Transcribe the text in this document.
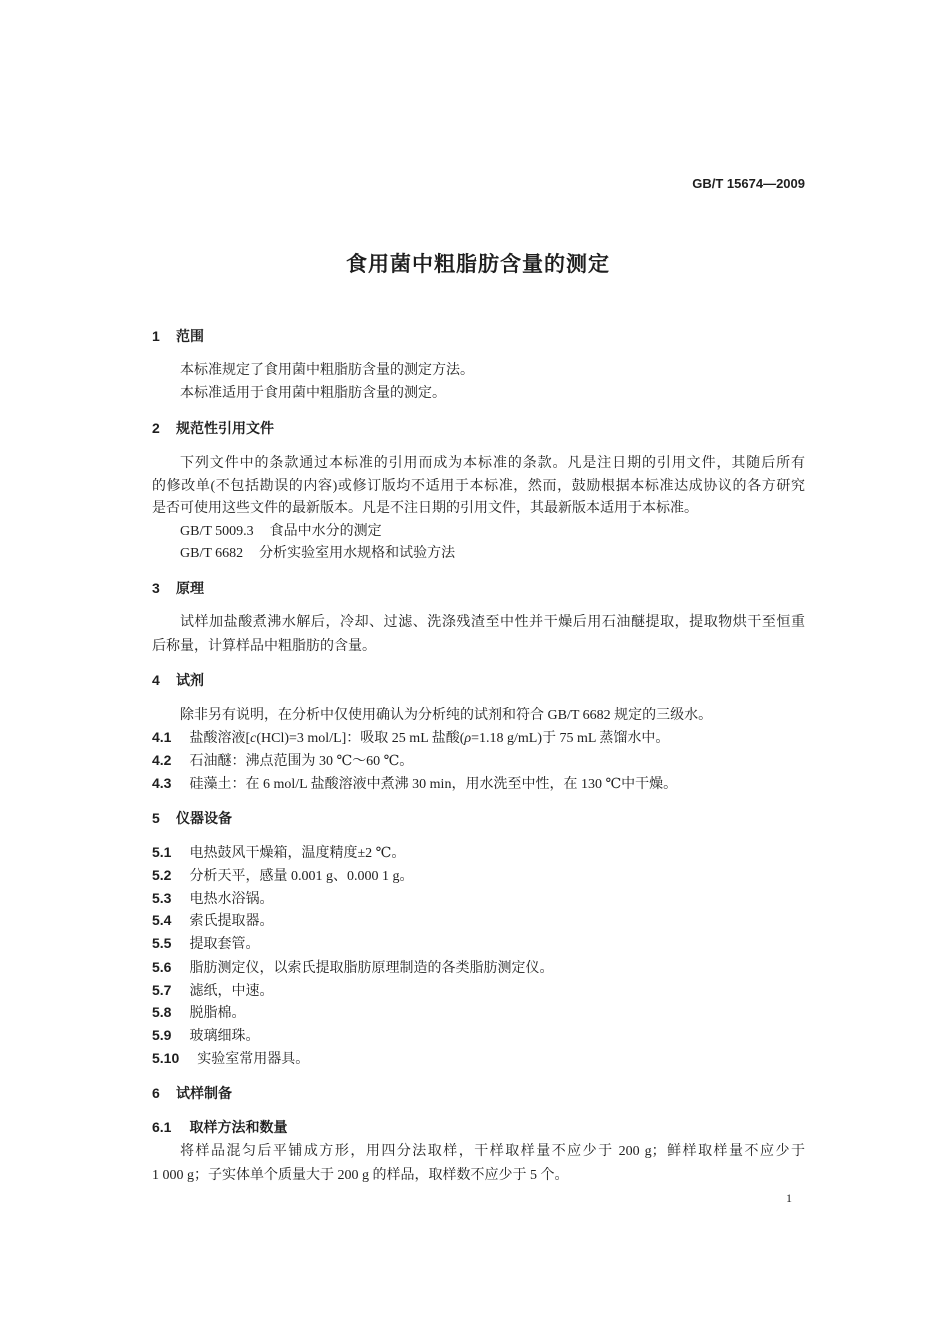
GB/T 15674—2009
食用菌中粗脂肪含量的测定
1 范围
本标准规定了食用菌中粗脂肪含量的测定方法。
本标准适用于食用菌中粗脂肪含量的测定。
2 规范性引用文件
下列文件中的条款通过本标准的引用而成为本标准的条款。凡是注日期的引用文件，其随后所有
的修改单(不包括勘误的内容)或修订版均不适用于本标准，然而，鼓励根据本标准达成协议的各方研究
是否可使用这些文件的最新版本。凡是不注日期的引用文件，其最新版本适用于本标准。
GB/T 5009.3 食品中水分的测定
GB/T 6682 分析实验室用水规格和试验方法
3 原理
试样加盐酸煮沸水解后，冷却、过滤、洗涤残渣至中性并干燥后用石油醚提取，提取物烘干至恒重
后称量，计算样品中粗脂肪的含量。
4 试剂
除非另有说明，在分析中仅使用确认为分析纯的试剂和符合 GB/T 6682 规定的三级水。
4.1 盐酸溶液[c(HCl)=3 mol/L]：吸取 25 mL 盐酸(ρ=1.18 g/mL)于 75 mL 蒸馏水中。
4.2 石油醚：沸点范围为 30 ℃～60 ℃。
4.3 硅藻土：在 6 mol/L 盐酸溶液中煮沸 30 min，用水洗至中性，在 130 ℃中干燥。
5 仪器设备
5.1 电热鼓风干燥箱，温度精度±2 ℃。
5.2 分析天平，感量 0.001 g、0.000 1 g。
5.3 电热水浴锅。
5.4 索氏提取器。
5.5 提取套管。
5.6 脂肪测定仪，以索氏提取脂肪原理制造的各类脂肪测定仪。
5.7 滤纸，中速。
5.8 脱脂棉。
5.9 玻璃细珠。
5.10 实验室常用器具。
6 试样制备
6.1 取样方法和数量
将样品混匀后平铺成方形，用四分法取样，干样取样量不应少于 200 g；鲜样取样量不应少于
1 000 g；子实体单个质量大于 200 g 的样品，取样数不应少于 5 个。
1
